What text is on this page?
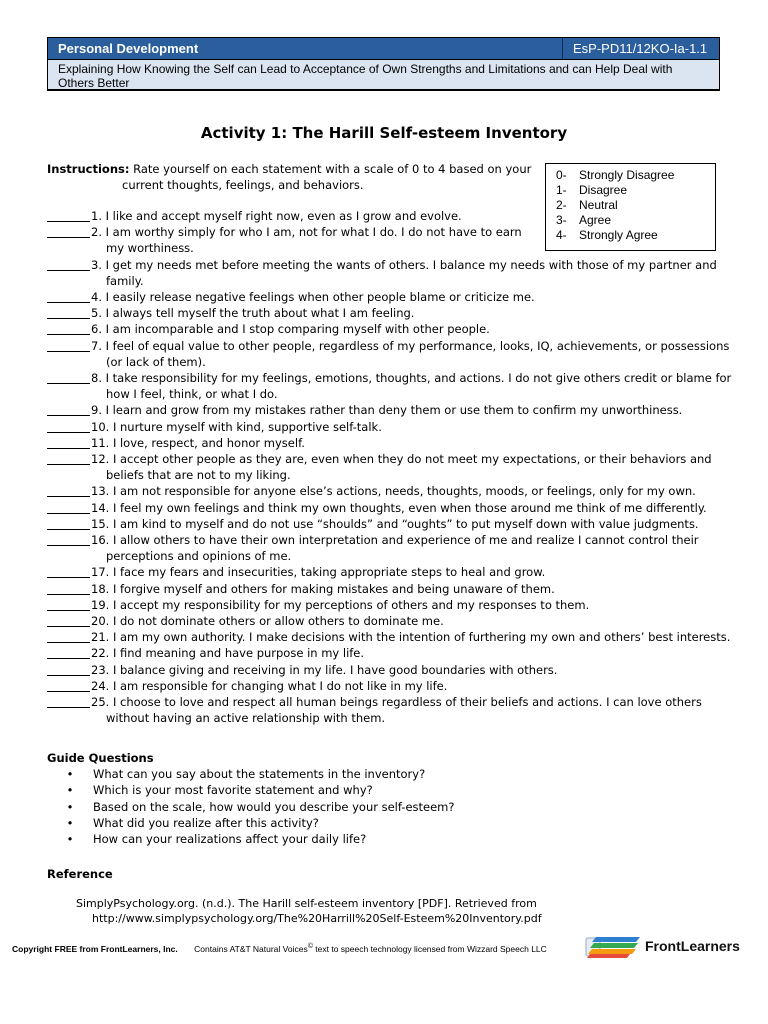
Personal Development	EsP-PD11/12KO-Ia-1.1
Explaining How Knowing the Self can Lead to Acceptance of Own Strengths and Limitations and can Help Deal with Others Better
Activity 1: The Harill Self-esteem Inventory
Instructions: Rate yourself on each statement with a scale of 0 to 4 based on your
current thoughts, feelings, and behaviors.
0-	Strongly Disagree
1-	Disagree
2-	Neutral
3-	Agree
4-	Strongly Agree
1. I like and accept myself right now, even as I grow and evolve.
2. I am worthy simply for who I am, not for what I do. I do not have to earn
my worthiness.
3. I get my needs met before meeting the wants of others. I balance my needs with those of my partner and
family.
4. I easily release negative feelings when other people blame or criticize me.
5. I always tell myself the truth about what I am feeling.
6. I am incomparable and I stop comparing myself with other people.
7. I feel of equal value to other people, regardless of my performance, looks, IQ, achievements, or possessions
(or lack of them).
8. I take responsibility for my feelings, emotions, thoughts, and actions. I do not give others credit or blame for
how I feel, think, or what I do.
9. I learn and grow from my mistakes rather than deny them or use them to confirm my unworthiness.
10. I nurture myself with kind, supportive self-talk.
11. I love, respect, and honor myself.
12. I accept other people as they are, even when they do not meet my expectations, or their behaviors and
beliefs that are not to my liking.
13. I am not responsible for anyone else’s actions, needs, thoughts, moods, or feelings, only for my own.
14. I feel my own feelings and think my own thoughts, even when those around me think of me differently.
15. I am kind to myself and do not use “shoulds” and “oughts” to put myself down with value judgments.
16. I allow others to have their own interpretation and experience of me and realize I cannot control their
perceptions and opinions of me.
17. I face my fears and insecurities, taking appropriate steps to heal and grow.
18. I forgive myself and others for making mistakes and being unaware of them.
19. I accept my responsibility for my perceptions of others and my responses to them.
20. I do not dominate others or allow others to dominate me.
21. I am my own authority. I make decisions with the intention of furthering my own and others’ best interests.
22. I find meaning and have purpose in my life.
23. I balance giving and receiving in my life. I have good boundaries with others.
24. I am responsible for changing what I do not like in my life.
25. I choose to love and respect all human beings regardless of their beliefs and actions. I can love others
without having an active relationship with them.
Guide Questions
•	What can you say about the statements in the inventory?
•	Which is your most favorite statement and why?
•	Based on the scale, how would you describe your self-esteem?
•	What did you realize after this activity?
•	How can your realizations affect your daily life?
Reference
SimplyPsychology.org. (n.d.). The Harill self-esteem inventory [PDF]. Retrieved from
http://www.simplypsychology.org/The%20Harrill%20Self-Esteem%20Inventory.pdf
Copyright FREE from FrontLearners, Inc. Contains AT&T Natural Voices© text to speech technology licensed from Wizzard Speech LLC	FrontLearners
